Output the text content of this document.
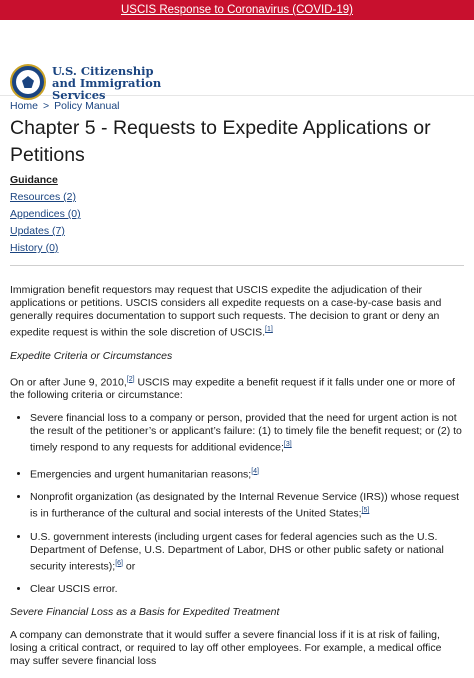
USCIS Response to Coronavirus (COVID-19)
U.S. Citizenship
and Immigration
Services
Home > Policy Manual
Chapter 5 - Requests to Expedite Applications or Petitions
Guidance
Resources (2)
Appendices (0)
Updates (7)
History (0)

Immigration benefit requestors may request that USCIS expedite the adjudication of their applications or petitions. USCIS considers all expedite requests on a case-by-case basis and generally requires documentation to support such requests. The decision to grant or deny an expedite request is within the sole discretion of USCIS.[1]

Expedite Criteria or Circumstances

On or after June 9, 2010,[2] USCIS may expedite a benefit request if it falls under one or more of the following criteria or circumstance:

• Severe financial loss to a company or person, provided that the need for urgent action is not the result of the petitioner’s or applicant’s failure: (1) to timely file the benefit request; or (2) to timely respond to any requests for additional evidence;[3]
• Emergencies and urgent humanitarian reasons;[4]
• Nonprofit organization (as designated by the Internal Revenue Service (IRS)) whose request is in furtherance of the cultural and social interests of the United States;[5]
• U.S. government interests (including urgent cases for federal agencies such as the U.S. Department of Defense, U.S. Department of Labor, DHS or other public safety or national security interests);[6] or
• Clear USCIS error.

Severe Financial Loss as a Basis for Expedited Treatment

A company can demonstrate that it would suffer a severe financial loss if it is at risk of failing, losing a critical contract, or required to lay off other employees. For example, a medical office may suffer severe financial loss
